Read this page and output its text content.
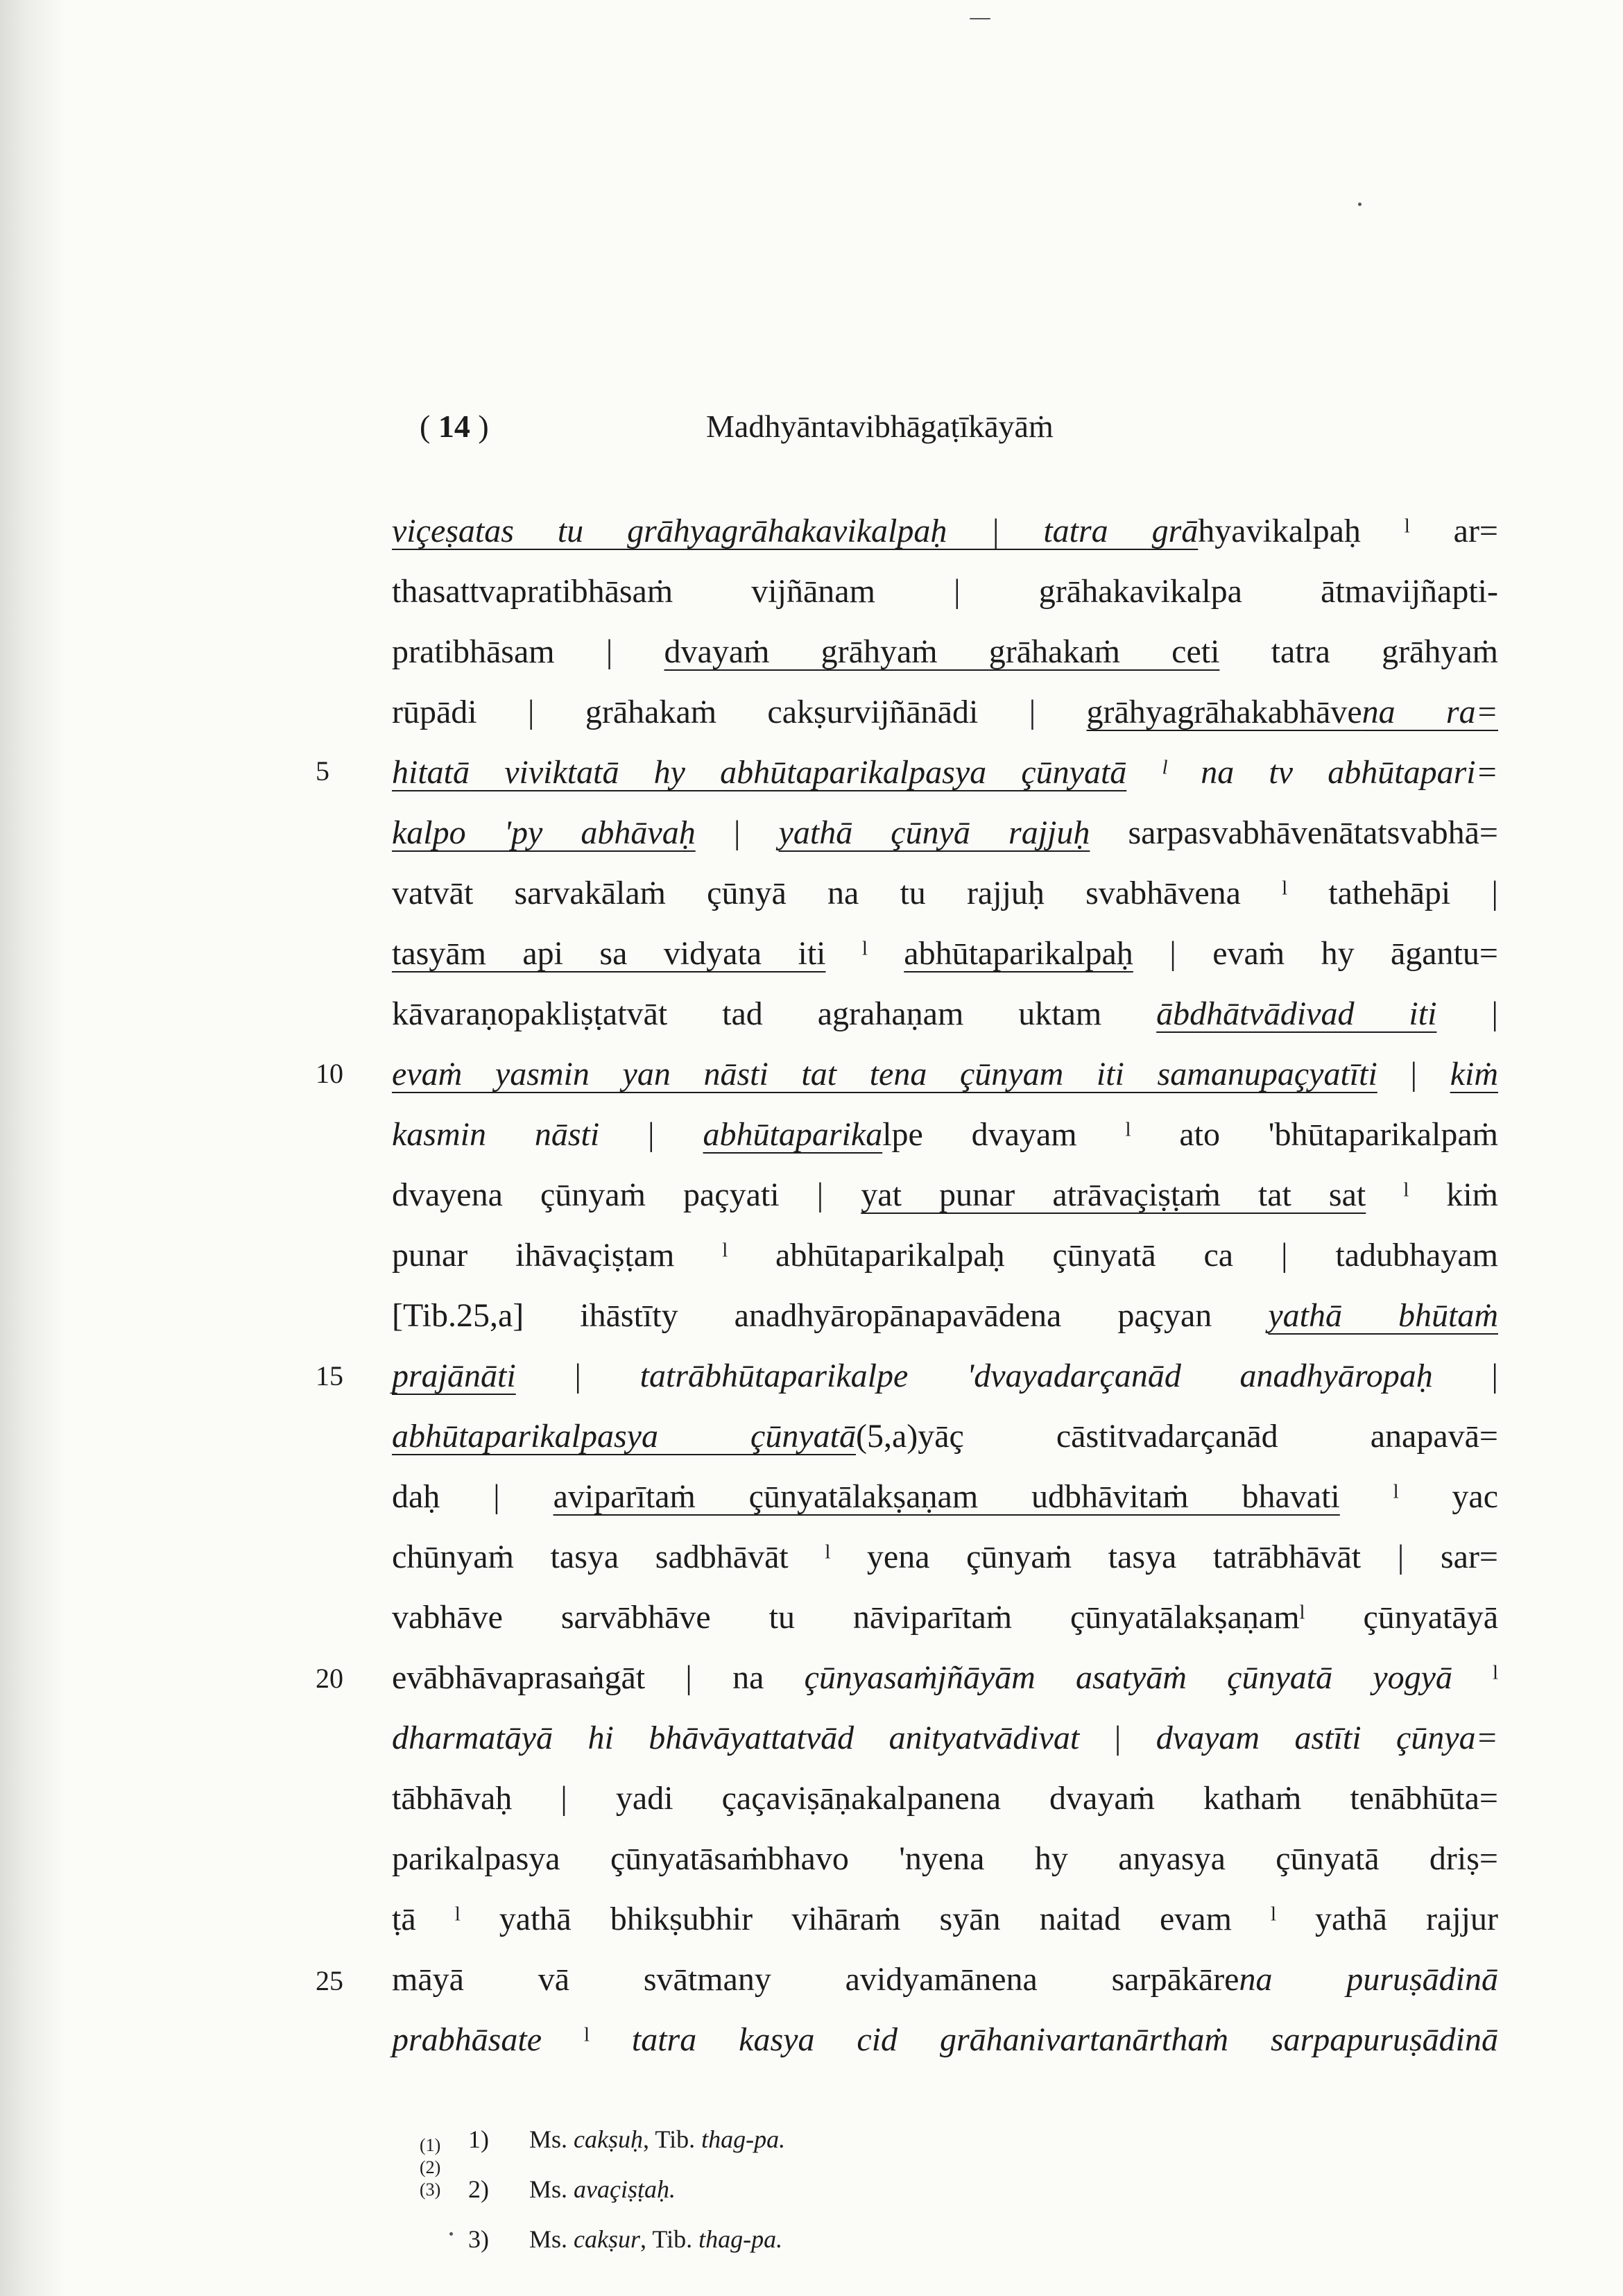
( 14 )	Madhyāntavibhāgaṭīkāyāṁ
5
10
15
20
25
viçeṣatas tu grāhyagrāhakavikalpaḥ | tatra grāhyavikalpaḥ ˡ ar=
thasattvapratibhāsaṁ vijñānam | grāhakavikalpa ātmavijñapti-
pratibhāsam | dvayaṁ grāhyaṁ grāhakaṁ ceti tatra grāhyaṁ
rūpādi | grāhakaṁ cakṣurvijñānādi | grāhyagrāhakabhāvena ra=
hitatā viviktatā hy abhūtaparikalpasya çūnyatā ˡ na tv abhūtapari=
kalpo 'py abhāvaḥ | yathā çūnyā rajjuḥ sarpasvabhāvenātatsvabhā=
vatvāt sarvakālaṁ çūnyā na tu rajjuḥ svabhāvena ˡ tathehāpi |
tasyām api sa vidyata iti ˡ abhūtaparikalpaḥ | evaṁ hy āgantu=
kāvaraṇopakliṣṭatvāt tad agrahaṇam uktam ābdhātvādivad iti |
evaṁ yasmin yan nāsti tat tena çūnyam iti samanupaçyatīti | kiṁ
kasmin nāsti | abhūtaparikalpe dvayam ˡ ato 'bhūtaparikalpaṁ
dvayena çūnyaṁ paçyati | yat punar atrāvaçiṣṭaṁ tat sat ˡ kiṁ
punar ihāvaçiṣṭam ˡ abhūtaparikalpaḥ çūnyatā ca | tadubhayam
[Tib.25,a] ihāstīty anadhyāropānapavādena paçyan yathā bhūtaṁ
prajānāti | tatrābhūtaparikalpe 'dvayadarçanād anadhyāropaḥ |
abhūtaparikalpasya çūnyatā(5,a)yāç cāstitvadarçanād anapavā=
daḥ | aviparītaṁ çūnyatālakṣaṇam udbhāvitaṁ bhavati ˡ yac
chūnyaṁ tasya sadbhāvāt ˡ yena çūnyaṁ tasya tatrābhāvāt | sar=
vabhāve sarvābhāve tu nāviparītaṁ çūnyatālakṣaṇamˡ çūnyatāyā
evābhāvaprasaṅgāt | na çūnyasaṁjñāyām asatyāṁ çūnyatā yogyā ˡ
dharmatāyā hi bhāvāyattatvād anityatvādivat | dvayam astīti çūnya=
tābhāvaḥ | yadi çaçaviṣāṇakalpanena dvayaṁ kathaṁ tenābhūta=
parikalpasya çūnyatāsaṁbhavo 'nyena hy anyasya çūnyatā driṣ=
ṭā ˡ yathā bhikṣubhir vihāraṁ syān naitad evam ˡ yathā rajjur
māyā vā svātmany avidyamānena sarpākārena puruṣādinā
prabhāsate ˡ tatra kasya cid grāhanivartanārthaṁ sarpapuruṣādinā
(1)
(2)
(3)
1) Ms. cakṣuḥ, Tib. thag-pa.
2) Ms. avaçiṣṭaḥ.
3) Ms. cakṣur, Tib. thag-pa.
